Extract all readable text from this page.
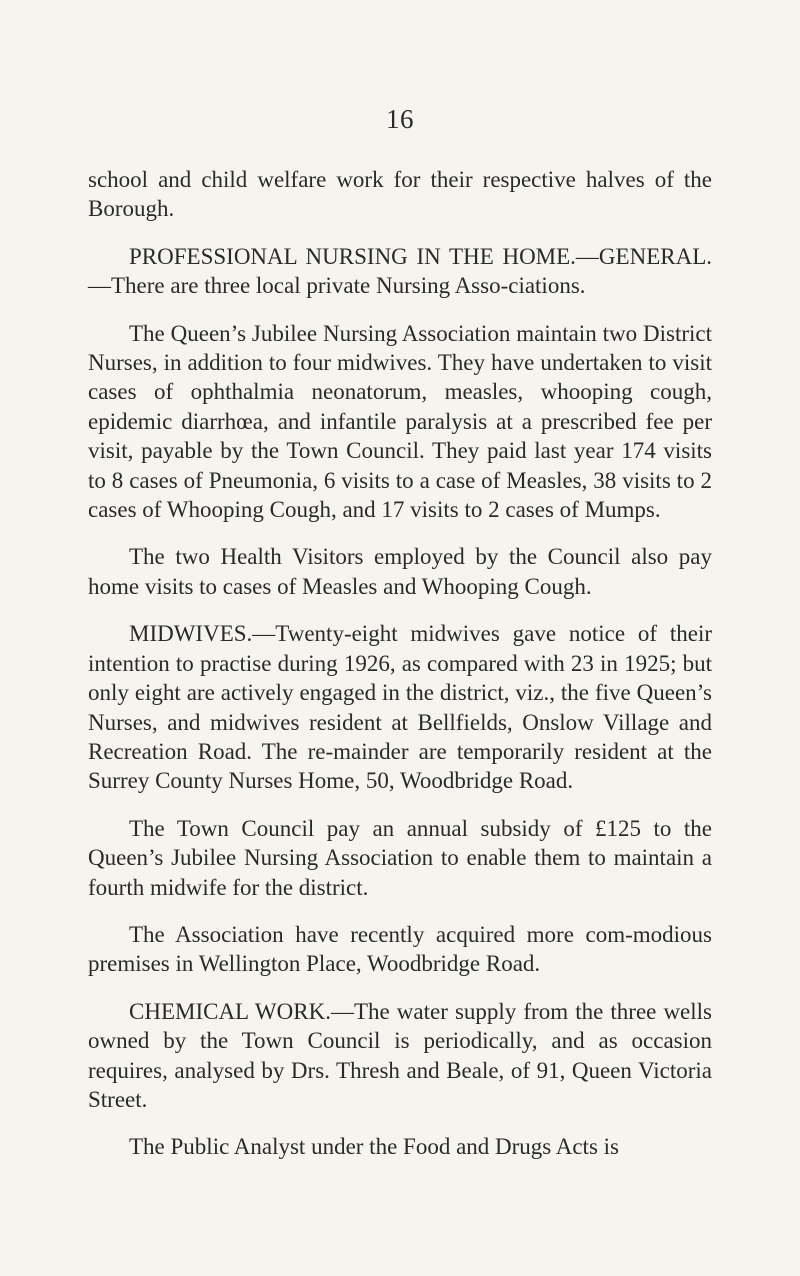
16

school and child welfare work for their respective halves of the Borough.

PROFESSIONAL NURSING IN THE HOME.—GENERAL.—There are three local private Nursing Asso-ciations.

The Queen’s Jubilee Nursing Association maintain two District Nurses, in addition to four midwives. They have undertaken to visit cases of ophthalmia neonatorum, measles, whooping cough, epidemic diarrhœa, and infantile paralysis at a prescribed fee per visit, payable by the Town Council. They paid last year 174 visits to 8 cases of Pneumonia, 6 visits to a case of Measles, 38 visits to 2 cases of Whooping Cough, and 17 visits to 2 cases of Mumps.

The two Health Visitors employed by the Council also pay home visits to cases of Measles and Whooping Cough.

MIDWIVES.—Twenty-eight midwives gave notice of their intention to practise during 1926, as compared with 23 in 1925; but only eight are actively engaged in the district, viz., the five Queen’s Nurses, and midwives resident at Bellfields, Onslow Village and Recreation Road. The re-mainder are temporarily resident at the Surrey County Nurses Home, 50, Woodbridge Road.

The Town Council pay an annual subsidy of £125 to the Queen’s Jubilee Nursing Association to enable them to maintain a fourth midwife for the district.

The Association have recently acquired more com-modious premises in Wellington Place, Woodbridge Road.

CHEMICAL WORK.—The water supply from the three wells owned by the Town Council is periodically, and as occasion requires, analysed by Drs. Thresh and Beale, of 91, Queen Victoria Street.

The Public Analyst under the Food and Drugs Acts is
